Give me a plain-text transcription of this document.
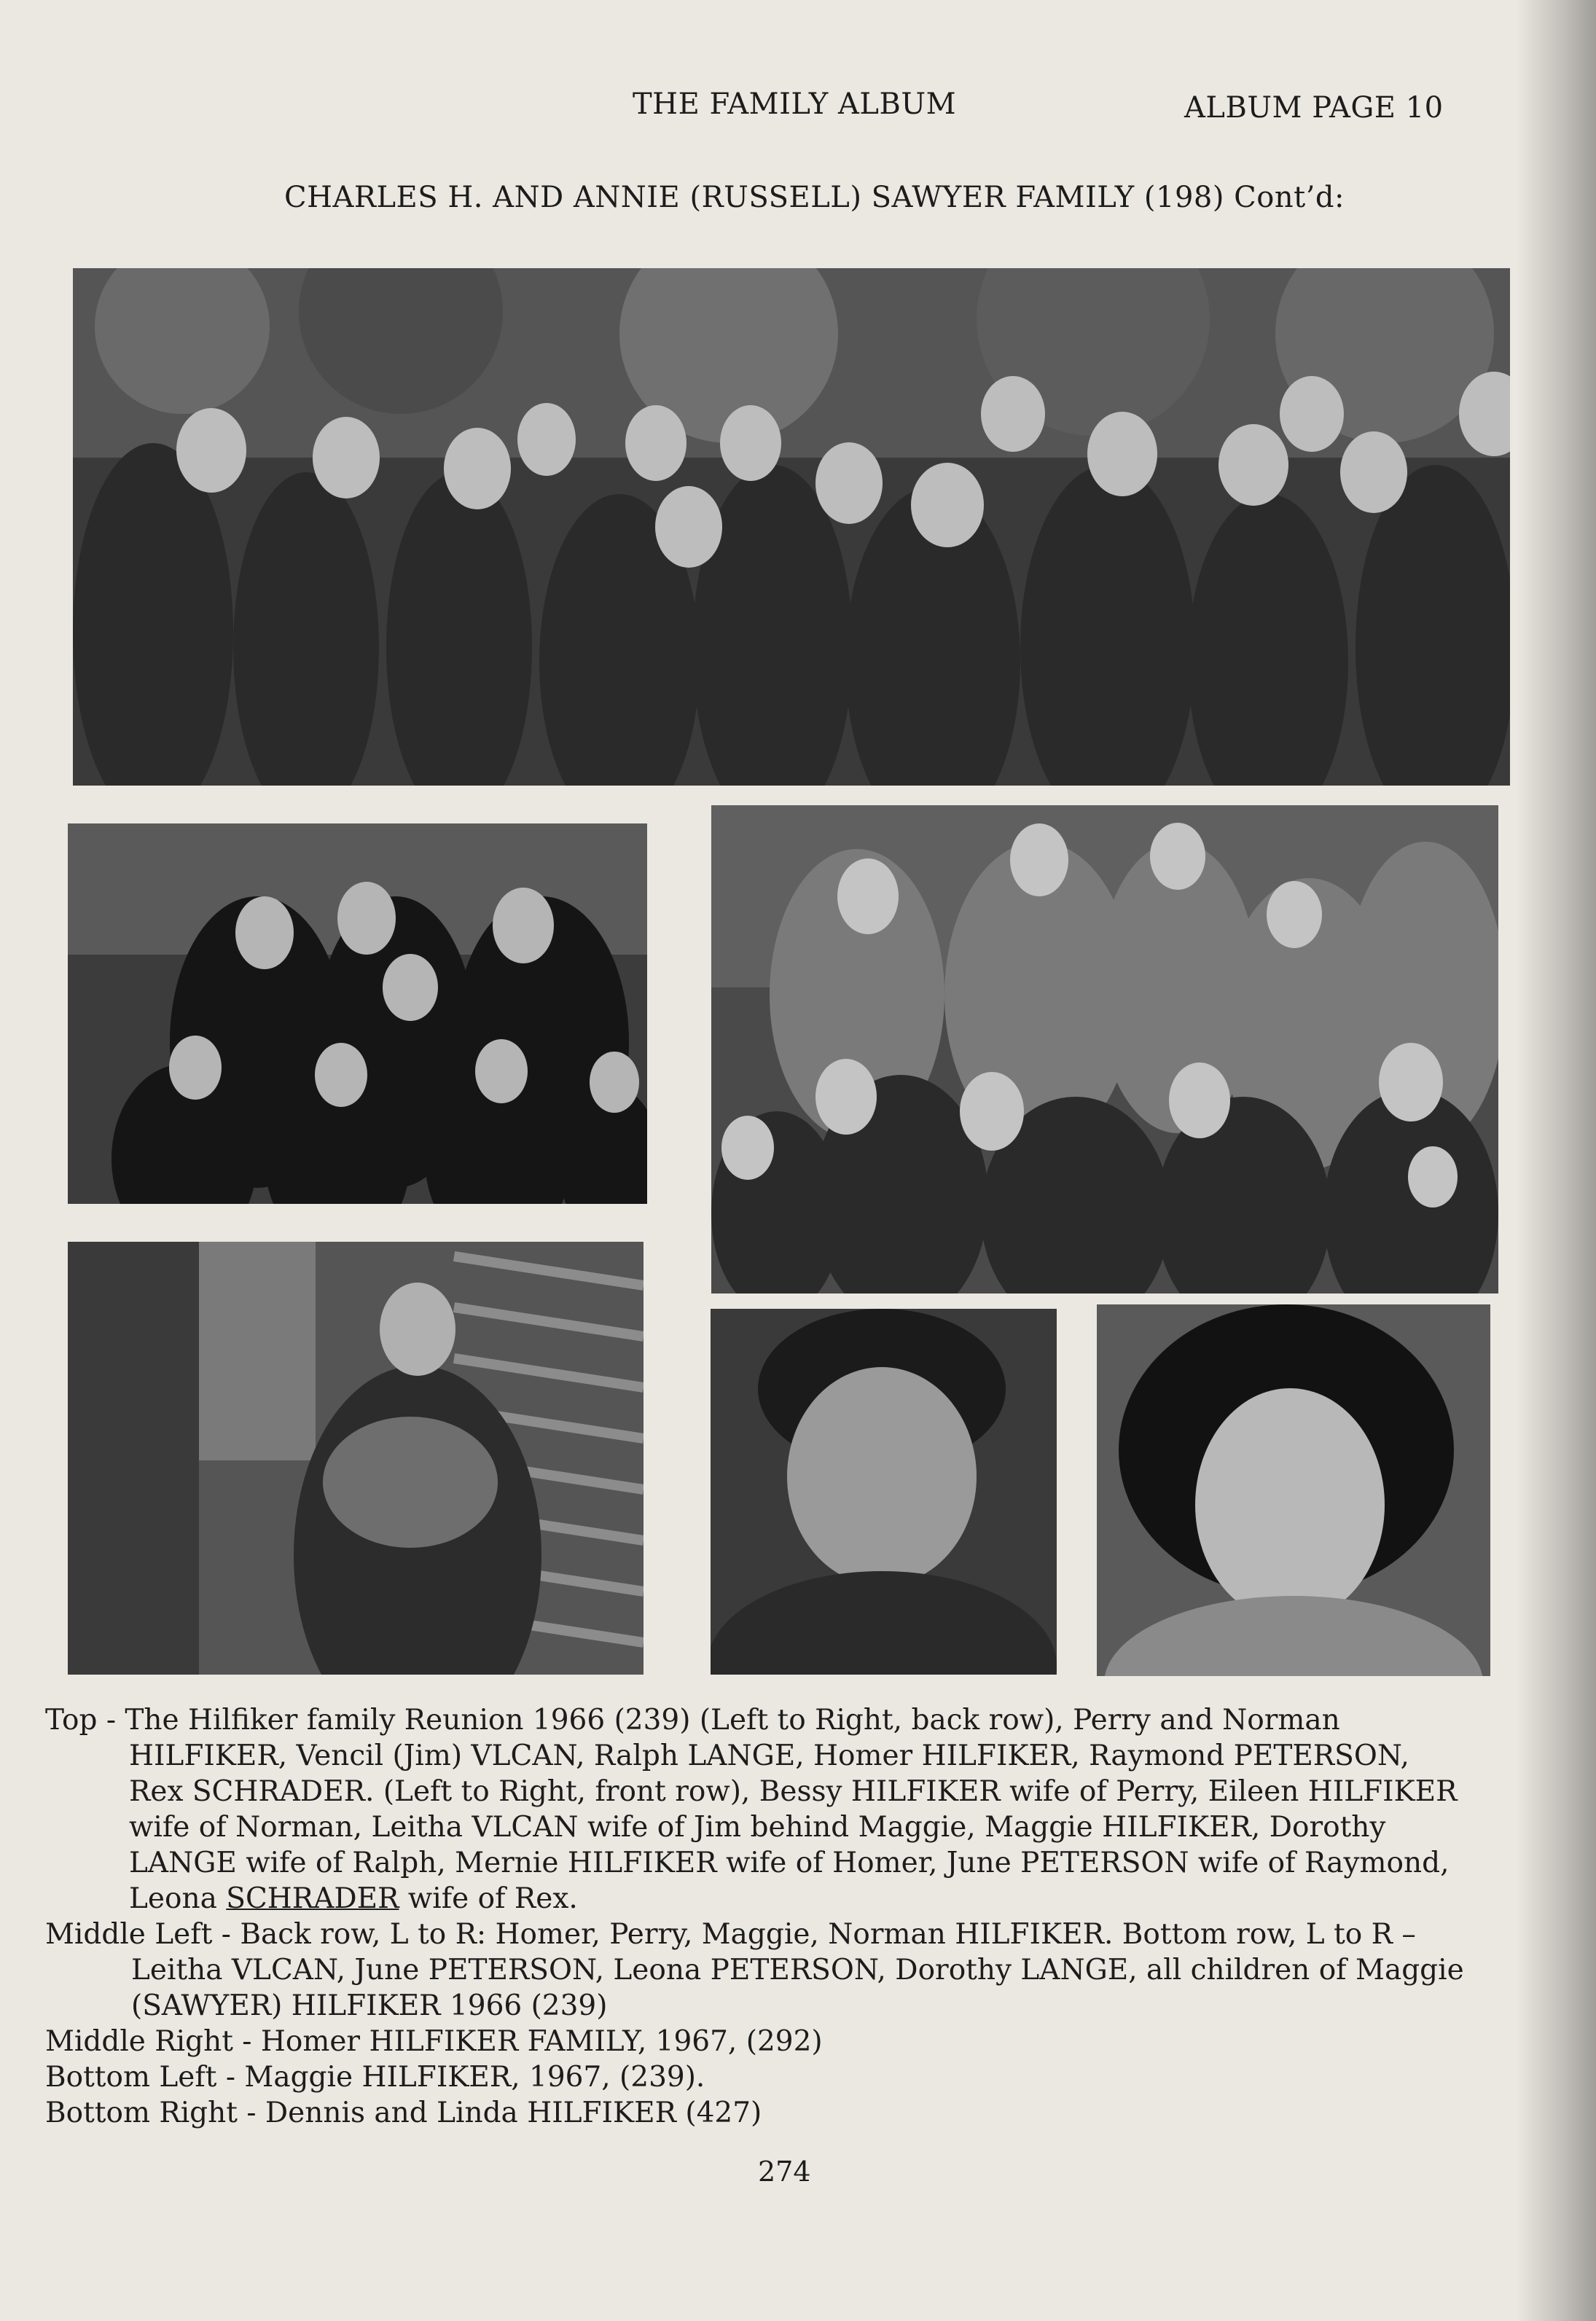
THE FAMILY ALBUM	ALBUM PAGE 10
CHARLES H. AND ANNIE (RUSSELL) SAWYER FAMILY (198) Cont’d:
Top - The Hilfiker family Reunion 1966 (239) (Left to Right, back row), Perry and Norman
HILFIKER, Vencil (Jim) VLCAN, Ralph LANGE, Homer HILFIKER, Raymond PETERSON,
Rex SCHRADER. (Left to Right, front row), Bessy HILFIKER wife of Perry, Eileen HILFIKER
wife of Norman, Leitha VLCAN wife of Jim behind Maggie, Maggie HILFIKER, Dorothy
LANGE wife of Ralph, Mernie HILFIKER wife of Homer, June PETERSON wife of Raymond,
Leona SCHRADER wife of Rex.
Middle Left - Back row, L to R: Homer, Perry, Maggie, Norman HILFIKER. Bottom row, L to R –
Leitha VLCAN, June PETERSON, Leona PETERSON, Dorothy LANGE, all children of Maggie
(SAWYER) HILFIKER 1966 (239)
Middle Right - Homer HILFIKER FAMILY, 1967, (292)
Bottom Left - Maggie HILFIKER, 1967, (239).
Bottom Right - Dennis and Linda HILFIKER (427)
274
